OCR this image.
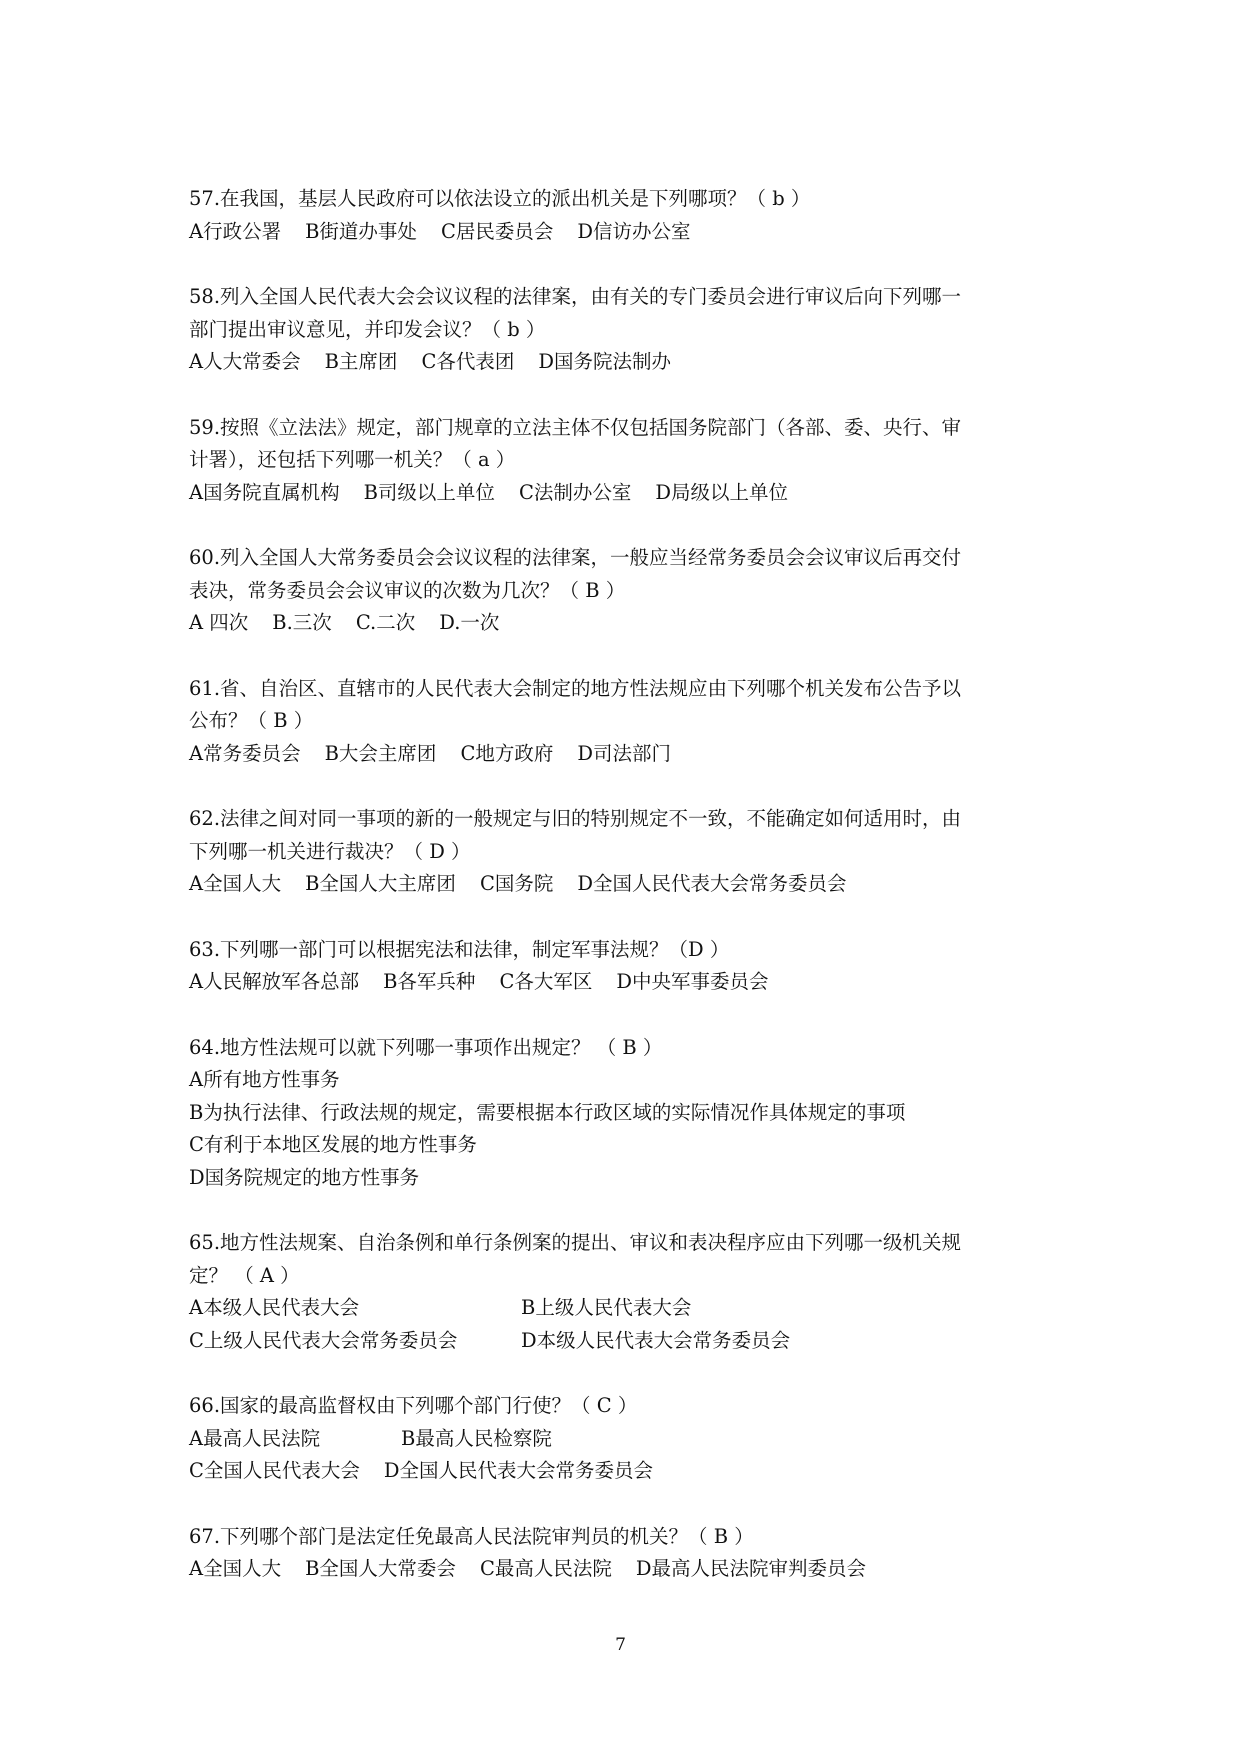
57.在我国，基层人民政府可以依法设立的派出机关是下列哪项？（ b ）

A行政公署 B街道办事处 C居民委员会 D信访办公室

58.列入全国人民代表大会会议议程的法律案，由有关的专门委员会进行审议后向下列哪一

部门提出审议意见，并印发会议？（ b ）

A人大常委会 B主席团 C各代表团 D国务院法制办

59.按照《立法法》规定，部门规章的立法主体不仅包括国务院部门（各部、委、央行、审

计署），还包括下列哪一机关？（ a ）

A国务院直属机构 B司级以上单位 C法制办公室 D局级以上单位

60.列入全国人大常务委员会会议议程的法律案，一般应当经常务委员会会议审议后再交付

表决，常务委员会会议审议的次数为几次？（ B ）

A 四次 B.三次 C.二次 D.一次

61.省、自治区、直辖市的人民代表大会制定的地方性法规应由下列哪个机关发布公告予以

公布？（ B ）

A常务委员会 B大会主席团 C地方政府 D司法部门

62.法律之间对同一事项的新的一般规定与旧的特别规定不一致，不能确定如何适用时，由

下列哪一机关进行裁决？（ D ）

A全国人大 B全国人大主席团 C国务院 D全国人民代表大会常务委员会

63.下列哪一部门可以根据宪法和法律，制定军事法规？（D ）

A人民解放军各总部 B各军兵种 C各大军区 D中央军事委员会

64.地方性法规可以就下列哪一事项作出规定？ （ B ）

A所有地方性事务

B为执行法律、行政法规的规定，需要根据本行政区域的实际情况作具体规定的事项

C有利于本地区发展的地方性事务

D国务院规定的地方性事务

65.地方性法规案、自治条例和单行条例案的提出、审议和表决程序应由下列哪一级机关规

定？ （ A ）

A本级人民代表大会	B上级人民代表大会
C上级人民代表大会常务委员会	D本级人民代表大会常务委员会

66.国家的最高监督权由下列哪个部门行使？（ C ）

A最高人民法院	B最高人民检察院
C全国人民代表大会 D全国人民代表大会常务委员会

67.下列哪个部门是法定任免最高人民法院审判员的机关？（ B ）

A全国人大 B全国人大常委会 C最高人民法院 D最高人民法院审判委员会
7
